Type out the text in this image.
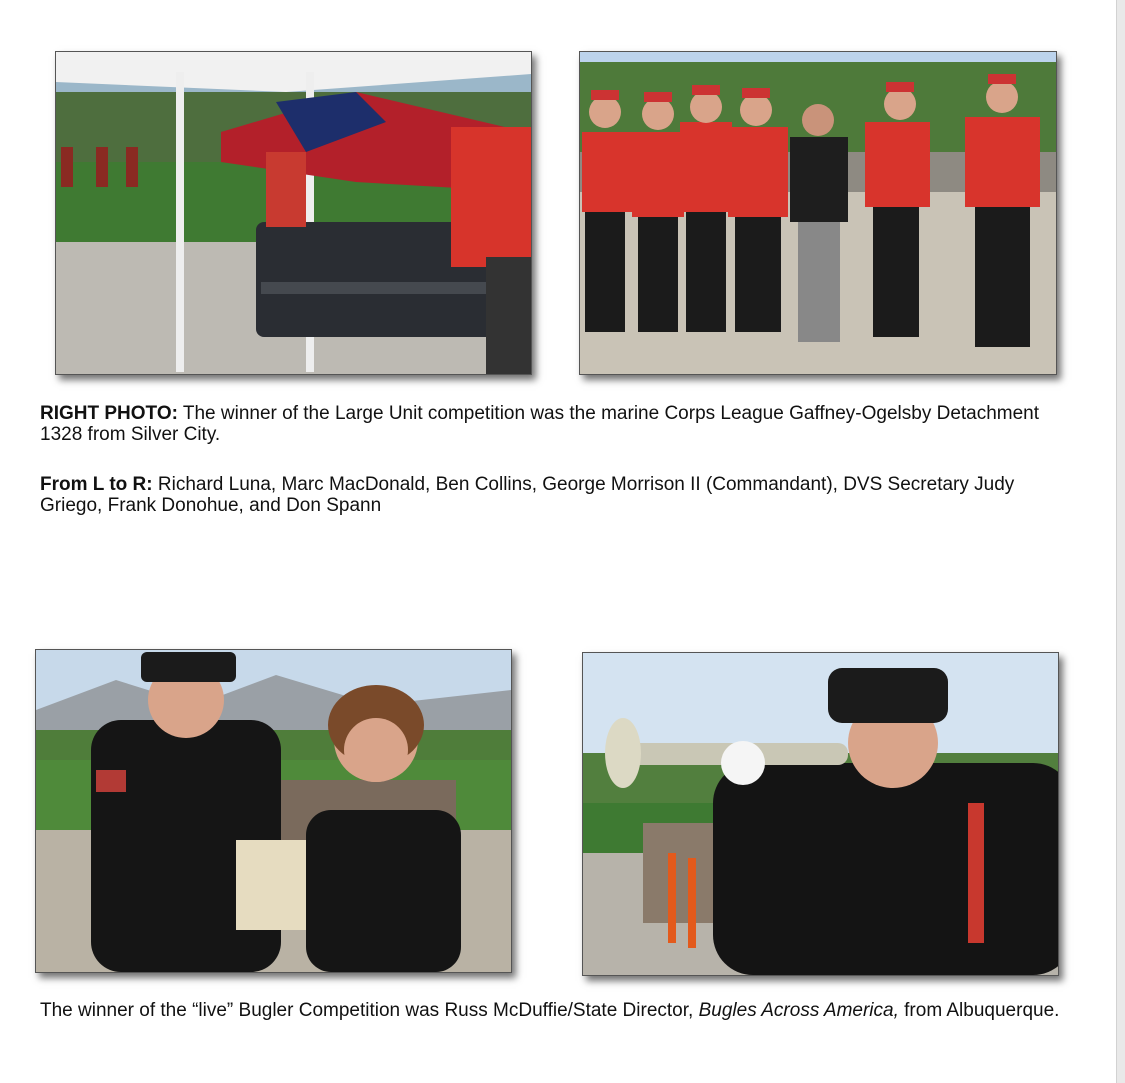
RIGHT PHOTO: The winner of the Large Unit competition was the marine Corps League Gaffney-Ogelsby Detachment 1328 from Silver City.

From L to R: Richard Luna, Marc MacDonald, Ben Collins, George Morrison II (Commandant), DVS Secretary Judy Griego, Frank Donohue, and Don Spann

The winner of the “live” Bugler Competition was Russ McDuffie/State Director, Bugles Across America, from Albuquerque.
